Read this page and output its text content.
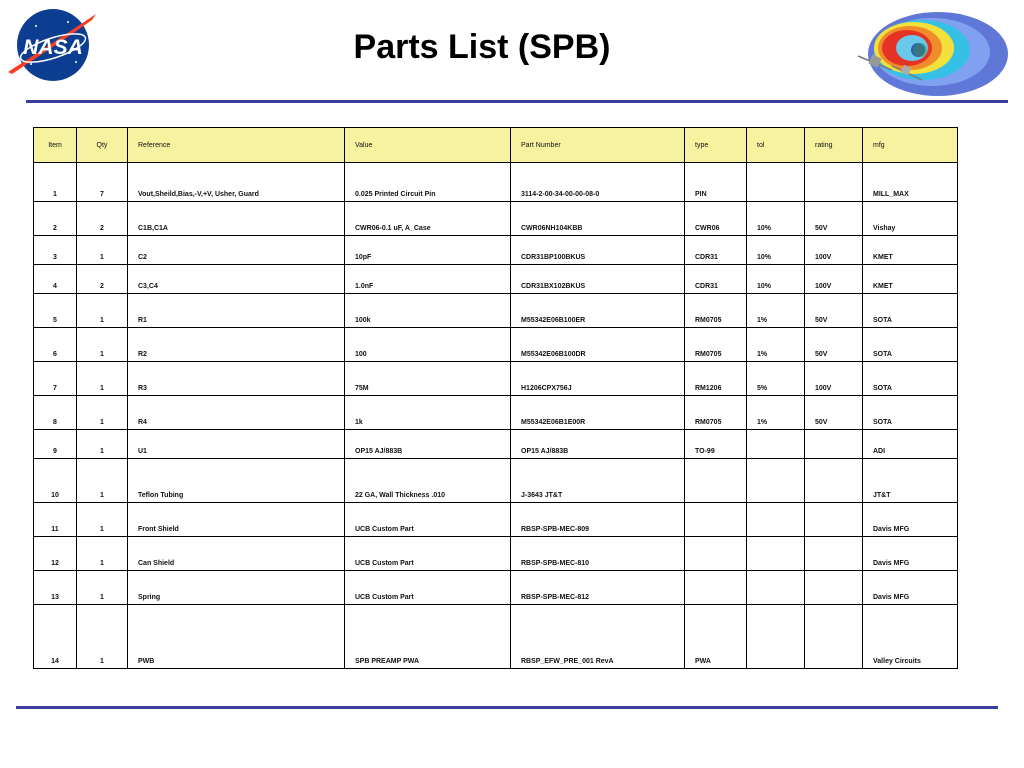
NASA	Parts List (SPB)
Item	Qty	Reference	Value	Part Number	type	tol	rating	mfg
1	7	Vout,Sheild,Bias,-V,+V, Usher, Guard	0.025 Printed Circuit Pin	3114-2-00-34-00-00-08-0	PIN			MILL_MAX
2	2	C1B,C1A	CWR06-0.1 uF, A_Case	CWR06NH104KBB	CWR06	10%	50V	Vishay
3	1	C2	10pF	CDR31BP100BKUS	CDR31	10%	100V	KMET
4	2	C3,C4	1.0nF	CDR31BX102BKUS	CDR31	10%	100V	KMET
5	1	R1	100k	M55342E06B100ER	RM0705	1%	50V	SOTA
6	1	R2	100	M55342E06B100DR	RM0705	1%	50V	SOTA
7	1	R3	75M	H1206CPX756J	RM1206	5%	100V	SOTA
8	1	R4	1k	M55342E06B1E00R	RM0705	1%	50V	SOTA
9	1	U1	OP15 AJ/883B	OP15 AJ/883B	TO-99			ADI
10	1	Teflon Tubing	22 GA, Wall Thickness .010	J-3643 JT&T				JT&T
11	1	Front Shield	UCB Custom Part	RBSP-SPB-MEC-809				Davis MFG
12	1	Can Shield	UCB Custom Part	RBSP-SPB-MEC-810				Davis MFG
13	1	Spring	UCB Custom Part	RBSP-SPB-MEC-812				Davis MFG
14	1	PWB	SPB PREAMP PWA	RBSP_EFW_PRE_001 RevA	PWA			Valley Circuits
